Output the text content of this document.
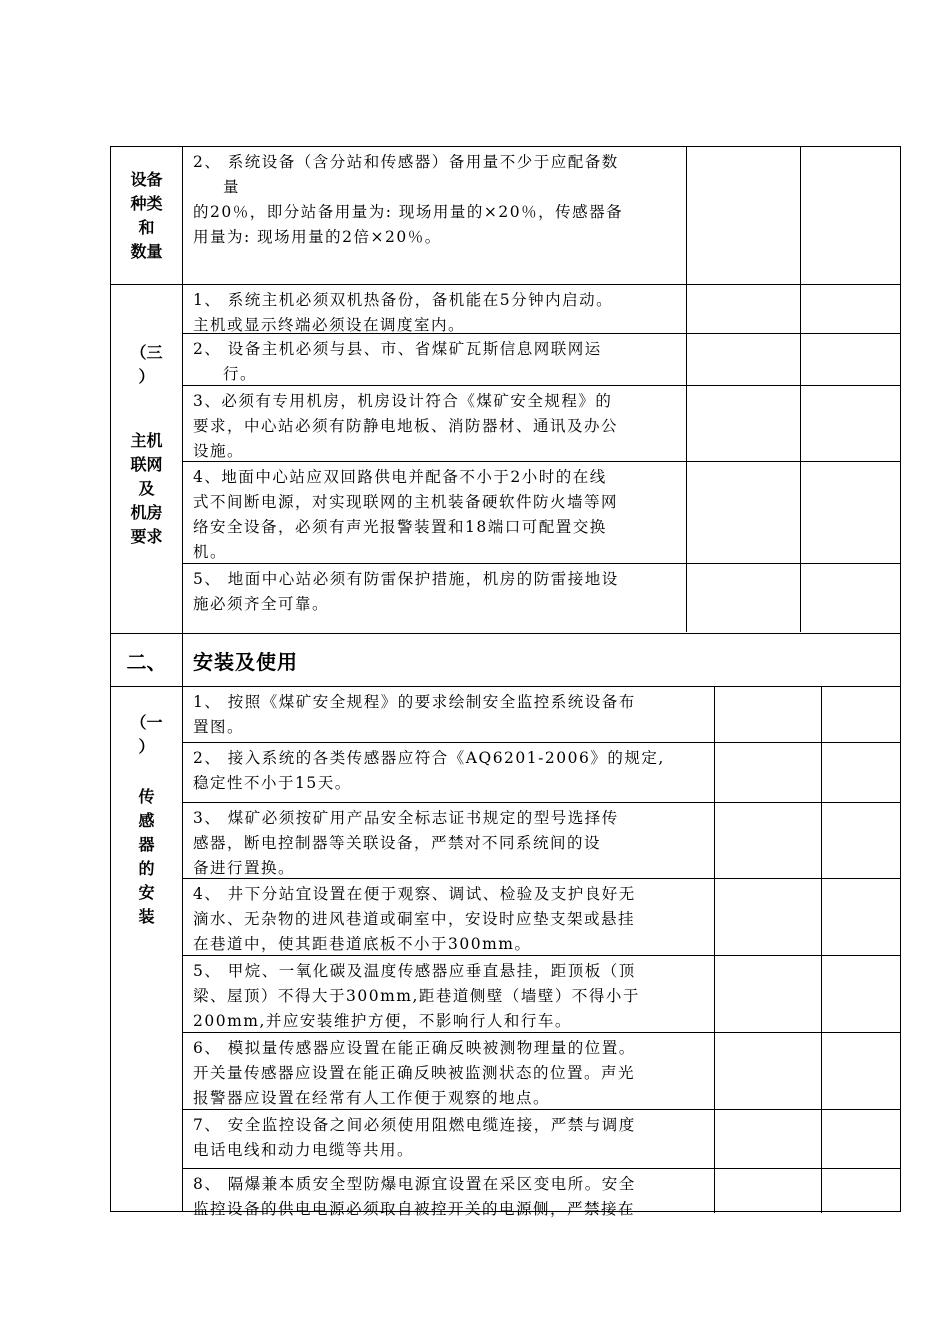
设备
种类
和
数量
2、 系统设备（含分站和传感器）备用量不少于应配备数
量
的20％，即分站备用量为: 现场用量的×20％，传感器备
用量为: 现场用量的2倍×20％。
（三
）
主机
联网
及
机房
要求
1、 系统主机必须双机热备份，备机能在5分钟内启动。
主机或显示终端必须设在调度室内。
2、 设备主机必须与县、市、省煤矿瓦斯信息网联网运
行。
3、必须有专用机房，机房设计符合《煤矿安全规程》的
要求，中心站必须有防静电地板、消防器材、通讯及办公
设施。
4、地面中心站应双回路供电并配备不小于2小时的在线
式不间断电源，对实现联网的主机装备硬软件防火墙等网
络安全设备，必须有声光报警装置和18端口可配置交换
机。
5、 地面中心站必须有防雷保护措施，机房的防雷接地设
施必须齐全可靠。
二、	安装及使用
（一
）
传
感
器
的
安
装
1、 按照《煤矿安全规程》的要求绘制安全监控系统设备布
置图。
2、 接入系统的各类传感器应符合《AQ6201-2006》的规定,
稳定性不小于15天。
3、 煤矿必须按矿用产品安全标志证书规定的型号选择传
感器，断电控制器等关联设备，严禁对不同系统间的设
备进行置换。
4、 井下分站宜设置在便于观察、调试、检验及支护良好无
滴水、无杂物的进风巷道或硐室中，安设时应垫支架或悬挂
在巷道中，使其距巷道底板不小于300mm。
5、 甲烷、一氧化碳及温度传感器应垂直悬挂，距顶板（顶
梁、屋顶）不得大于300mm,距巷道侧壁（墙壁）不得小于
200mm,并应安装维护方便，不影响行人和行车。
6、 模拟量传感器应设置在能正确反映被测物理量的位置。
开关量传感器应设置在能正确反映被监测状态的位置。声光
报警器应设置在经常有人工作便于观察的地点。
7、 安全监控设备之间必须使用阻燃电缆连接，严禁与调度
电话电线和动力电缆等共用。
8、 隔爆兼本质安全型防爆电源宜设置在采区变电所。安全
监控设备的供电电源必须取自被控开关的电源侧，严禁接在
